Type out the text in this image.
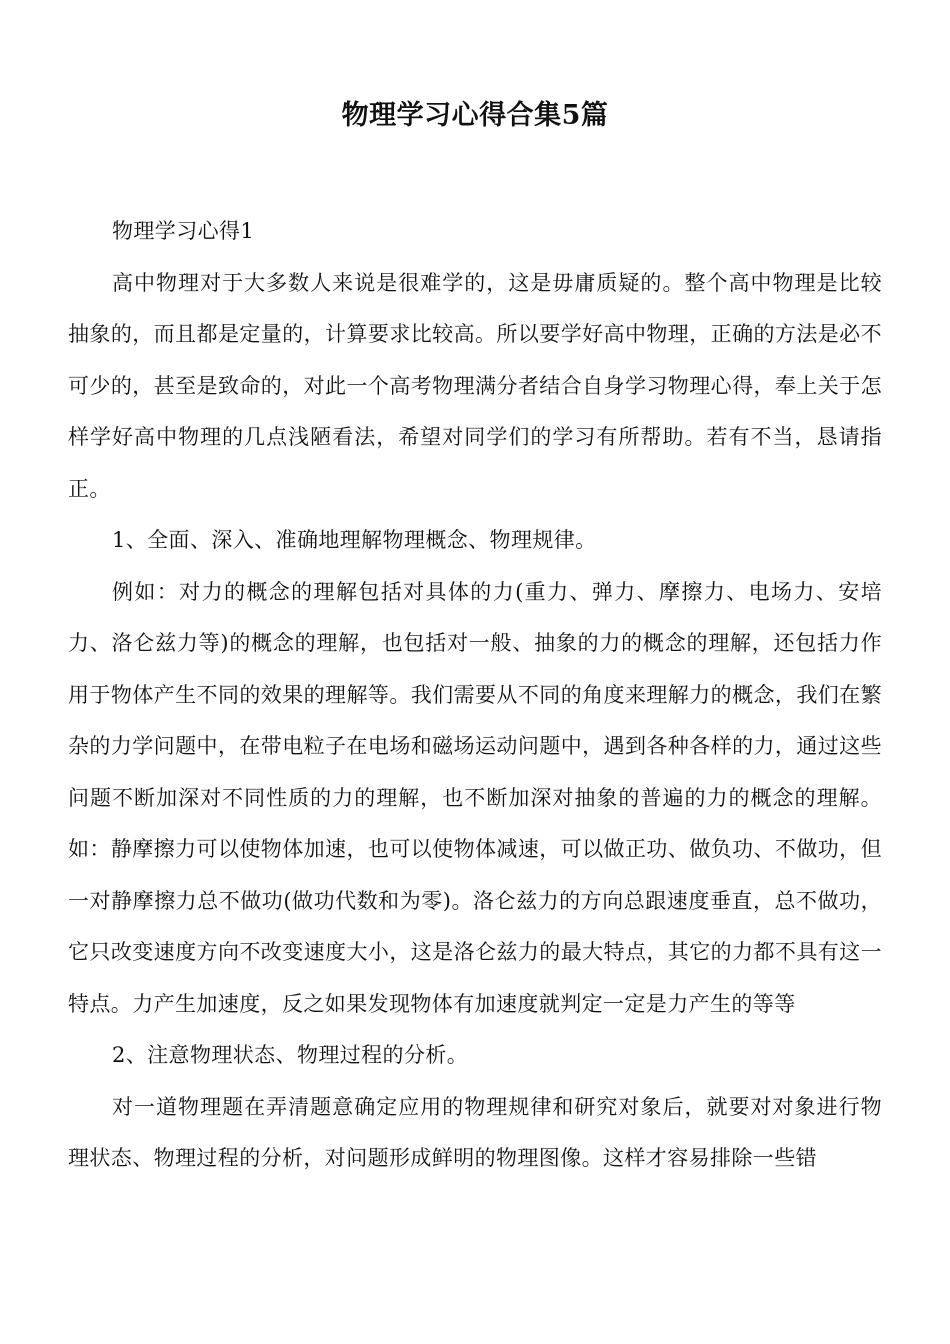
物理学习心得合集5篇

物理学习心得1

高中物理对于大多数人来说是很难学的，这是毋庸质疑的。整个高中物理是比较抽象的，而且都是定量的，计算要求比较高。所以要学好高中物理，正确的方法是必不可少的，甚至是致命的，对此一个高考物理满分者结合自身学习物理心得，奉上关于怎样学好高中物理的几点浅陋看法，希望对同学们的学习有所帮助。若有不当，恳请指正。

1、全面、深入、准确地理解物理概念、物理规律。

例如：对力的概念的理解包括对具体的力(重力、弹力、摩擦力、电场力、安培力、洛仑兹力等)的概念的理解，也包括对一般、抽象的力的概念的理解，还包括力作用于物体产生不同的效果的理解等。我们需要从不同的角度来理解力的概念，我们在繁杂的力学问题中，在带电粒子在电场和磁场运动问题中，遇到各种各样的力，通过这些问题不断加深对不同性质的力的理解，也不断加深对抽象的普遍的力的概念的理解。如：静摩擦力可以使物体加速，也可以使物体减速，可以做正功、做负功、不做功，但一对静摩擦力总不做功(做功代数和为零)。洛仑兹力的方向总跟速度垂直，总不做功，它只改变速度方向不改变速度大小，这是洛仑兹力的最大特点，其它的力都不具有这一特点。力产生加速度，反之如果发现物体有加速度就判定一定是力产生的等等

2、注意物理状态、物理过程的分析。

对一道物理题在弄清题意确定应用的物理规律和研究对象后，就要对对象进行物理状态、物理过程的分析，对问题形成鲜明的物理图像。这样才容易排除一些错
